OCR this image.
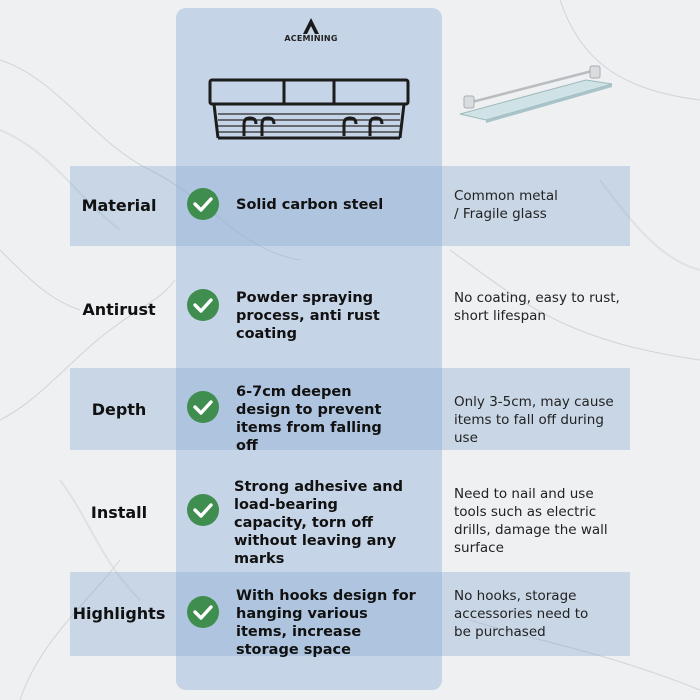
ACEMINING
Material	Solid carbon steel
Common metal / Fragile glass
Antirust
Powder spraying process, anti rust coating
No coating, easy to rust, short lifespan
Depth
6-7cm deepen design to prevent items from falling off
Only 3-5cm, may cause items to fall off during use
Install
Strong adhesive and load-bearing capacity, torn off without leaving any marks
Need to nail and use tools such as electric drills, damage the wall surface
Highlights
With hooks design for hanging various items, increase storage space
No hooks, storage accessories need to be purchased
